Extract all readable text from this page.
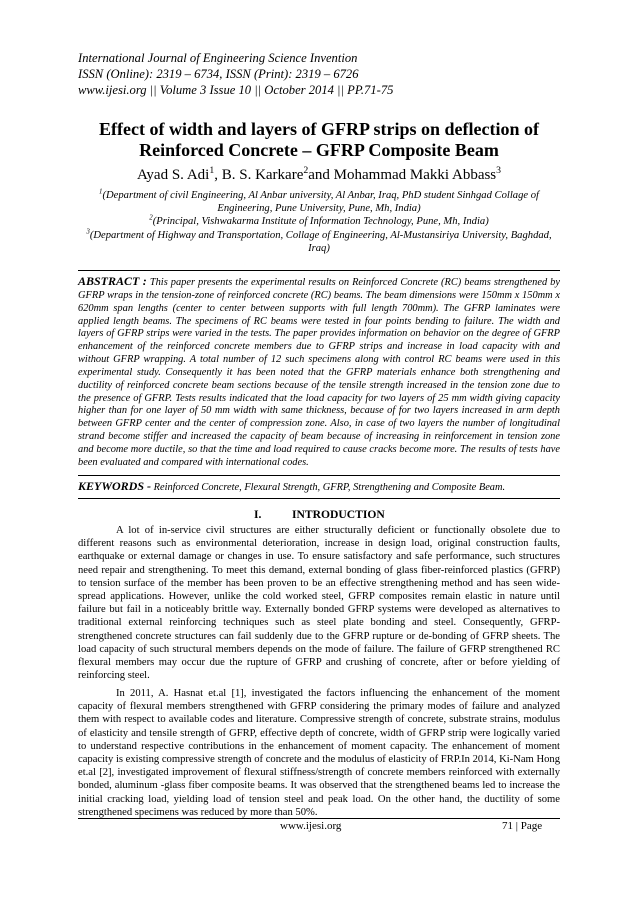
International Journal of Engineering Science Invention
ISSN (Online): 2319 – 6734, ISSN (Print): 2319 – 6726
www.ijesi.org || Volume 3 Issue 10 || October 2014 || PP.71-75
Effect of width and layers of GFRP strips on deflection of
Reinforced Concrete – GFRP Composite Beam
Ayad S. Adi$^1$, B. S. Karkare$^2$and Mohammad Makki Abbass$^3$
$^1$(Department of civil Engineering, Al Anbar university, Al Anbar, Iraq, PhD student Sinhgad Collage of Engineering, Pune University, Pune, Mh, India)
$^2$(Principal, Vishwakarma Institute of Information Technology, Pune, Mh, India)
$^3$(Department of Highway and Transportation, Collage of Engineering, Al-Mustansiriya University, Baghdad, Iraq)
ABSTRACT : This paper presents the experimental results on Reinforced Concrete (RC) beams strengthened by GFRP wraps in the tension-zone of reinforced concrete (RC) beams. The beam dimensions were 150mm x 150mm x 620mm span lengths (center to center between supports with full length 700mm). The GFRP laminates were applied length beams. The specimens of RC beams were tested in four points bending to failure. The width and layers of GFRP strips were varied in the tests. The paper provides information on behavior on the degree of GFRP enhancement of the reinforced concrete members due to GFRP strips and increase in load capacity with and without GFRP wrapping. A total number of 12 such specimens along with control RC beams were used in this experimental study. Consequently it has been noted that the GFRP materials enhance both strengthening and ductility of reinforced concrete beam sections because of the tensile strength increased in the tension zone due to the presence of GFRP. Tests results indicated that the load capacity for two layers of 25 mm width giving capacity higher than for one layer of 50 mm width with same thickness, because of for two layers increased in arm depth between GFRP center and the center of compression zone. Also, in case of two layers the number of longitudinal strand become stiffer and increased the capacity of beam because of increasing in reinforcement in tension zone and become more ductile, so that the time and load required to cause cracks become more. The results of tests have been evaluated and compared with international codes.
KEYWORDS - Reinforced Concrete, Flexural Strength, GFRP, Strengthening and Composite Beam.
I.	INTRODUCTION
A lot of in-service civil structures are either structurally deficient or functionally obsolete due to different reasons such as environmental deterioration, increase in design load, original construction faults, earthquake or external damage or changes in use. To ensure satisfactory and safe performance, such structures need repair and strengthening. To meet this demand, external bonding of glass fiber-reinforced plastics (GFRP) to tension surface of the member has been proven to be an effective strengthening method and has seen wide-spread applications. However, unlike the cold worked steel, GFRP composites remain elastic in nature until failure but fail in a noticeably brittle way. Externally bonded GFRP systems were developed as alternatives to traditional external reinforcing techniques such as steel plate bonding and steel. Consequently, GFRP-strengthened concrete structures can fail suddenly due to the GFRP rupture or de-bonding of GFRP sheets. The load capacity of such structural members depends on the mode of failure. The failure of GFRP strengthened RC flexural members may occur due the rupture of GFRP and crushing of concrete, after or before yielding of reinforcing steel.
In 2011, A. Hasnat et.al [1], investigated the factors influencing the enhancement of the moment capacity of flexural members strengthened with GFRP considering the primary modes of failure and analyzed them with respect to available codes and literature. Compressive strength of concrete, substrate strains, modulus of elasticity and tensile strength of GFRP, effective depth of concrete, width of GFRP strip were logically varied to understand respective contributions in the enhancement of moment capacity. The enhancement of moment capacity is existing compressive strength of concrete and the modulus of elasticity of FRP.In 2014, Ki-Nam Hong et.al [2], investigated improvement of flexural stiffness/strength of concrete members reinforced with externally bonded, aluminum -glass fiber composite beams. It was observed that the strengthened beams led to increase the initial cracking load, yielding load of tension steel and peak load. On the other hand, the ductility of some strengthened specimens was reduced by more than 50%.
www.ijesi.org	71 | Page
